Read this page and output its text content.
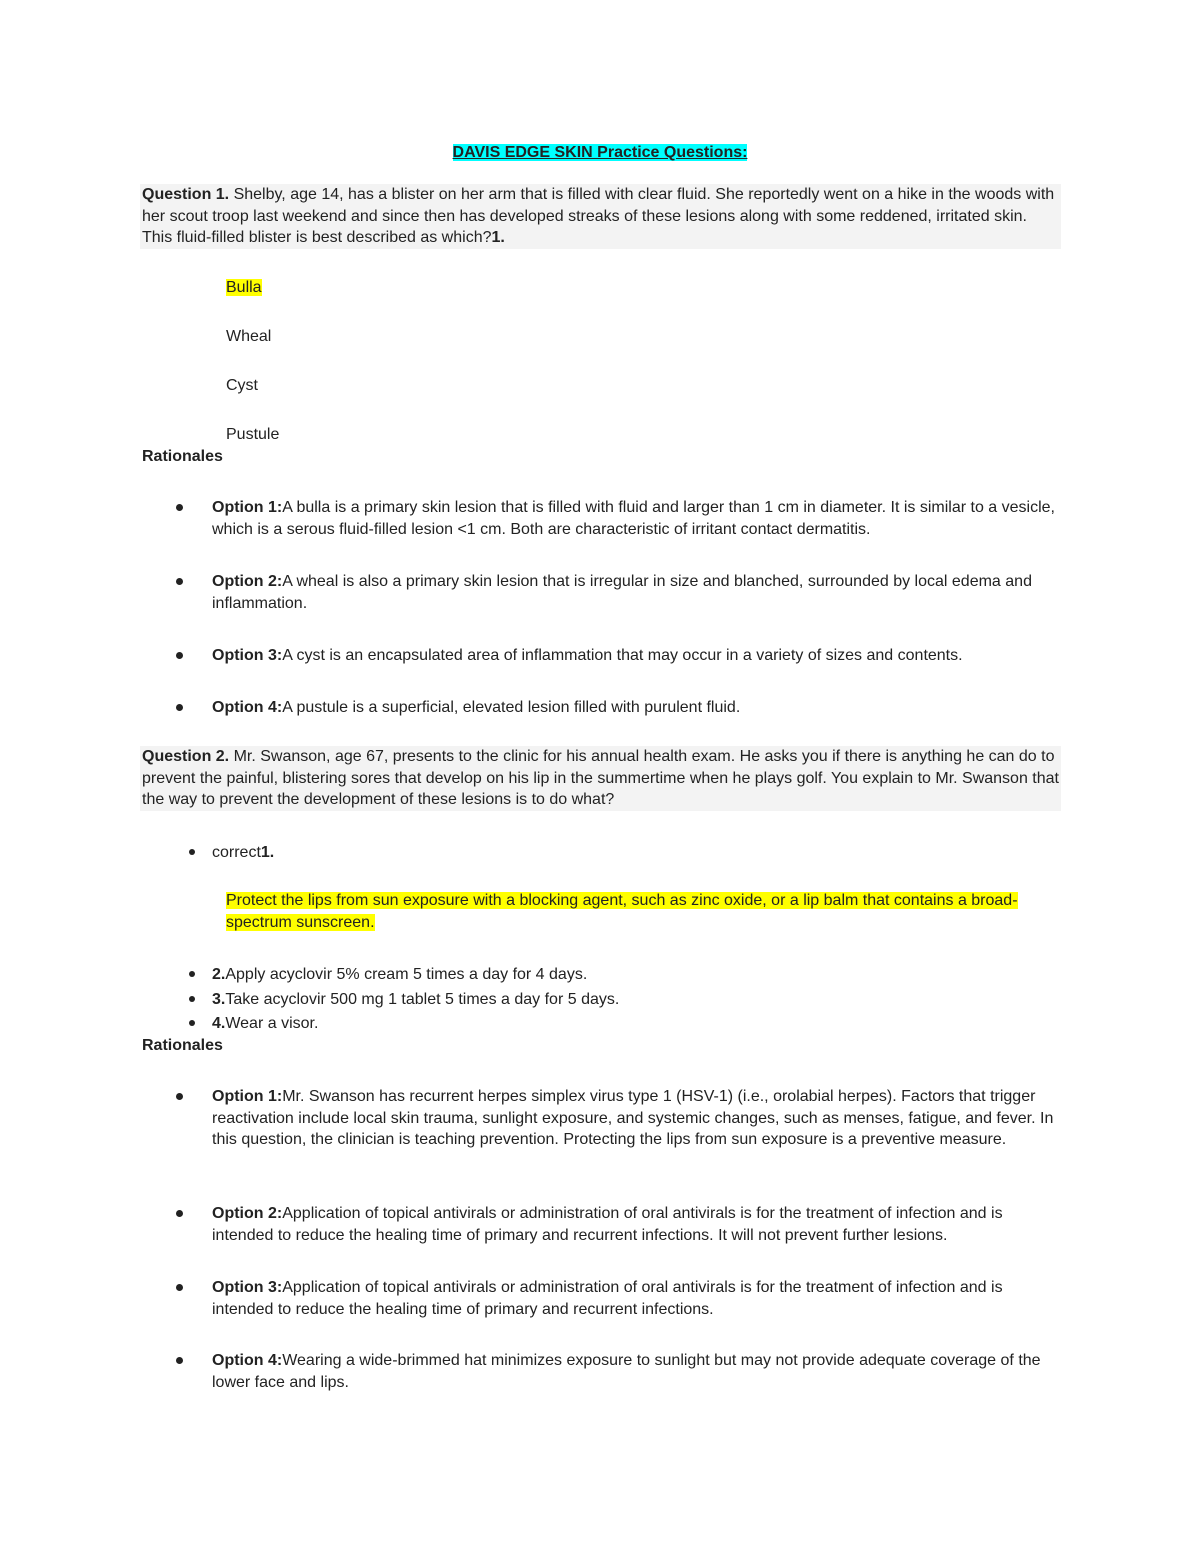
DAVIS EDGE SKIN Practice Questions:
Question 1. Shelby, age 14, has a blister on her arm that is filled with clear fluid. She reportedly went on a hike in the woods with her scout troop last weekend and since then has developed streaks of these lesions along with some reddened, irritated skin. This fluid-filled blister is best described as which?1.
Bulla
Wheal
Cyst
Pustule
Rationales
Option 1:A bulla is a primary skin lesion that is filled with fluid and larger than 1 cm in diameter. It is similar to a vesicle, which is a serous fluid-filled lesion <1 cm. Both are characteristic of irritant contact dermatitis.
Option 2:A wheal is also a primary skin lesion that is irregular in size and blanched, surrounded by local edema and inflammation.
Option 3:A cyst is an encapsulated area of inflammation that may occur in a variety of sizes and contents.
Option 4:A pustule is a superficial, elevated lesion filled with purulent fluid.
Question 2. Mr. Swanson, age 67, presents to the clinic for his annual health exam. He asks you if there is anything he can do to prevent the painful, blistering sores that develop on his lip in the summertime when he plays golf. You explain to Mr. Swanson that the way to prevent the development of these lesions is to do what?
correct1.
Protect the lips from sun exposure with a blocking agent, such as zinc oxide, or a lip balm that contains a broad-spectrum sunscreen.
2.Apply acyclovir 5% cream 5 times a day for 4 days.
3.Take acyclovir 500 mg 1 tablet 5 times a day for 5 days.
4.Wear a visor.
Rationales
Option 1:Mr. Swanson has recurrent herpes simplex virus type 1 (HSV-1) (i.e., orolabial herpes). Factors that trigger reactivation include local skin trauma, sunlight exposure, and systemic changes, such as menses, fatigue, and fever. In this question, the clinician is teaching prevention. Protecting the lips from sun exposure is a preventive measure.
Option 2:Application of topical antivirals or administration of oral antivirals is for the treatment of infection and is intended to reduce the healing time of primary and recurrent infections. It will not prevent further lesions.
Option 3:Application of topical antivirals or administration of oral antivirals is for the treatment of infection and is intended to reduce the healing time of primary and recurrent infections.
Option 4:Wearing a wide-brimmed hat minimizes exposure to sunlight but may not provide adequate coverage of the lower face and lips.
